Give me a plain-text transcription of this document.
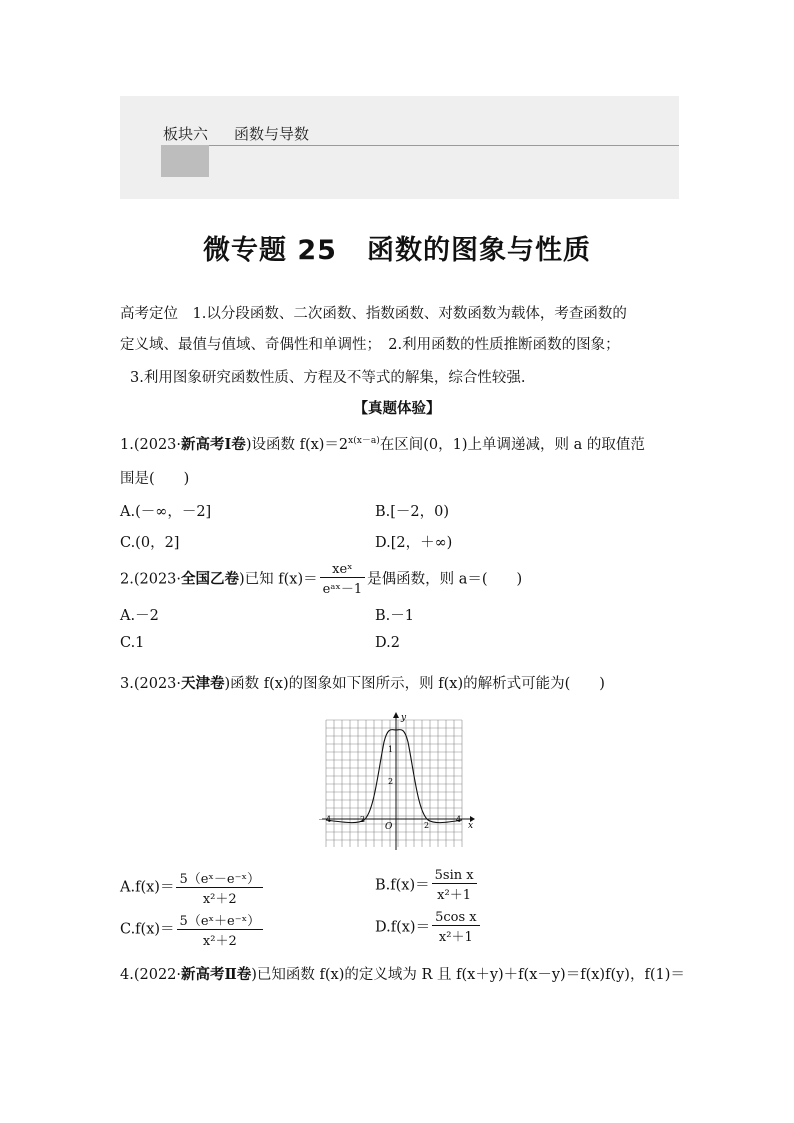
板块六 函数与导数
微专题 25 函数的图象与性质
高考定位　1.以分段函数、二次函数、指数函数、对数函数为载体，考查函数的
定义域、最值与值域、奇偶性和单调性；　2.利用函数的性质推断函数的图象；
3.利用图象研究函数性质、方程及不等式的解集，综合性较强.
【真题体验】
1.(2023·新高考Ⅰ卷)设函数 $f(x)=2^{x(x-a)}$在区间(0，1)上单调递减，则 a 的取值范
围是(　　)
A.(－∞，－2]	B.[－2，0)
C.(0，2]	D.[2，＋∞)
2.(2023·全国乙卷)已知 $f(x)= \frac{\text{xeˣ}}{\text{eᵃˣ－1}}$ 是偶函数，则 a＝(　　)
A.－2	B.－1
C.1	D.2
3.(2023·天津卷)函数 f(x)的图象如下图所示，则 f(x)的解析式可能为(　　)
y
x
O
－4	－2
2
4
1
2
$A.f(x)= \frac{\text{5（eˣ－e⁻ˣ）}}{\text{x²＋2}}$	$B.f(x)= \frac{\text{5sin x}}{\text{x²＋1}}$
$C.f(x)= \frac{\text{5（eˣ＋e⁻ˣ）}}{\text{x²＋2}}$	$D.f(x)= \frac{\text{5cos x}}{\text{x²＋1}}$
4.(2022·新高考Ⅱ卷)已知函数 f(x)的定义域为 R 且 f(x＋y)＋f(x－y)＝f(x)f(y)，f(1)＝
